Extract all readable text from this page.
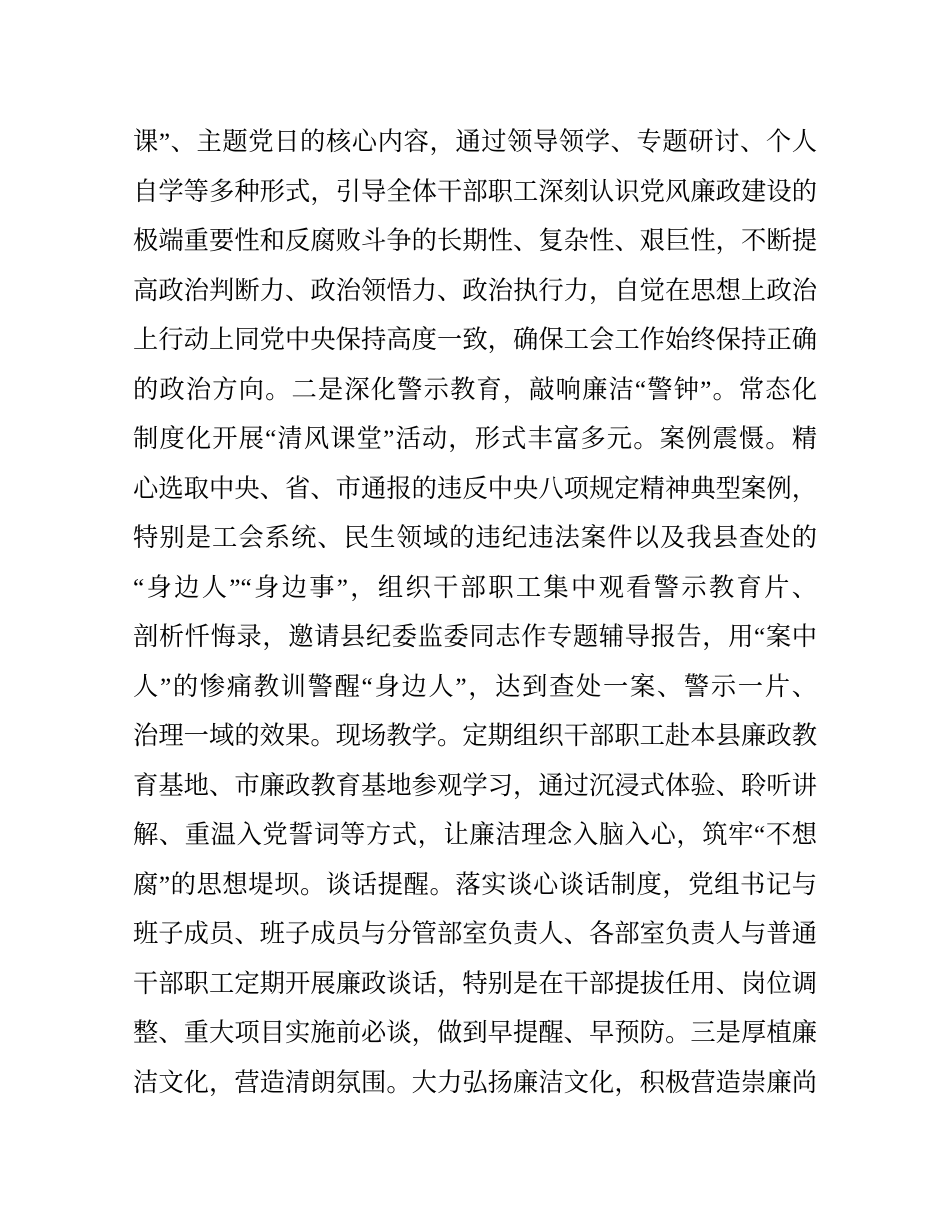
课”、主题党日的核心内容，通过领导领学、专题研讨、个人
自学等多种形式，引导全体干部职工深刻认识党风廉政建设的
极端重要性和反腐败斗争的长期性、复杂性、艰巨性，不断提
高政治判断力、政治领悟力、政治执行力，自觉在思想上政治
上行动上同党中央保持高度一致，确保工会工作始终保持正确
的政治方向。二是深化警示教育，敲响廉洁“警钟”。常态化
制度化开展“清风课堂”活动，形式丰富多元。案例震慑。精
心选取中央、省、市通报的违反中央八项规定精神典型案例，
特别是工会系统、民生领域的违纪违法案件以及我县查处的
“身边人”“身边事”，组织干部职工集中观看警示教育片、
剖析忏悔录，邀请县纪委监委同志作专题辅导报告，用“案中
人”的惨痛教训警醒“身边人”，达到查处一案、警示一片、
治理一域的效果。现场教学。定期组织干部职工赴本县廉政教
育基地、市廉政教育基地参观学习，通过沉浸式体验、聆听讲
解、重温入党誓词等方式，让廉洁理念入脑入心，筑牢“不想
腐”的思想堤坝。谈话提醒。落实谈心谈话制度，党组书记与
班子成员、班子成员与分管部室负责人、各部室负责人与普通
干部职工定期开展廉政谈话，特别是在干部提拔任用、岗位调
整、重大项目实施前必谈，做到早提醒、早预防。三是厚植廉
洁文化，营造清朗氛围。大力弘扬廉洁文化，积极营造崇廉尚
